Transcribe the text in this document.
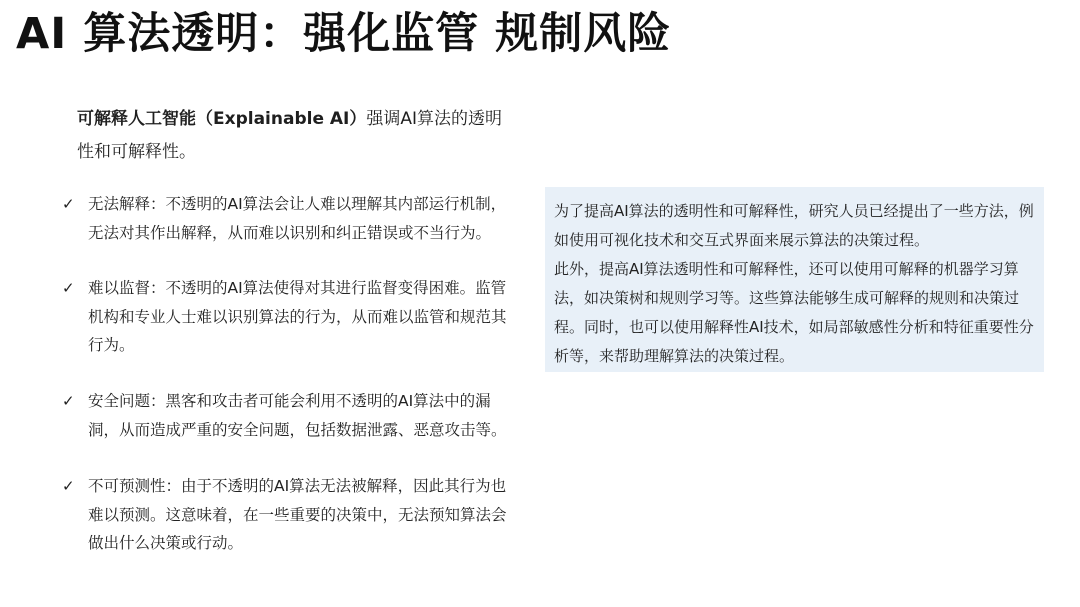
AI 算法透明：强化监管 规制风险
可解释人工智能（Explainable AI）强调AI算法的透明性和可解释性。
✓ 无法解释：不透明的AI算法会让人难以理解其内部运行机制，无法对其作出解释，从而难以识别和纠正错误或不当行为。
✓ 难以监督：不透明的AI算法使得对其进行监督变得困难。监管机构和专业人士难以识别算法的行为，从而难以监管和规范其行为。
✓ 安全问题：黑客和攻击者可能会利用不透明的AI算法中的漏洞，从而造成严重的安全问题，包括数据泄露、恶意攻击等。
✓ 不可预测性：由于不透明的AI算法无法被解释，因此其行为也难以预测。这意味着，在一些重要的决策中，无法预知算法会做出什么决策或行动。

为了提高AI算法的透明性和可解释性，研究人员已经提出了一些方法，例如使用可视化技术和交互式界面来展示算法的决策过程。

此外，提高AI算法透明性和可解释性，还可以使用可解释的机器学习算法，如决策树和规则学习等。这些算法能够生成可解释的规则和决策过程。同时，也可以使用解释性AI技术，如局部敏感性分析和特征重要性分析等，来帮助理解算法的决策过程。
